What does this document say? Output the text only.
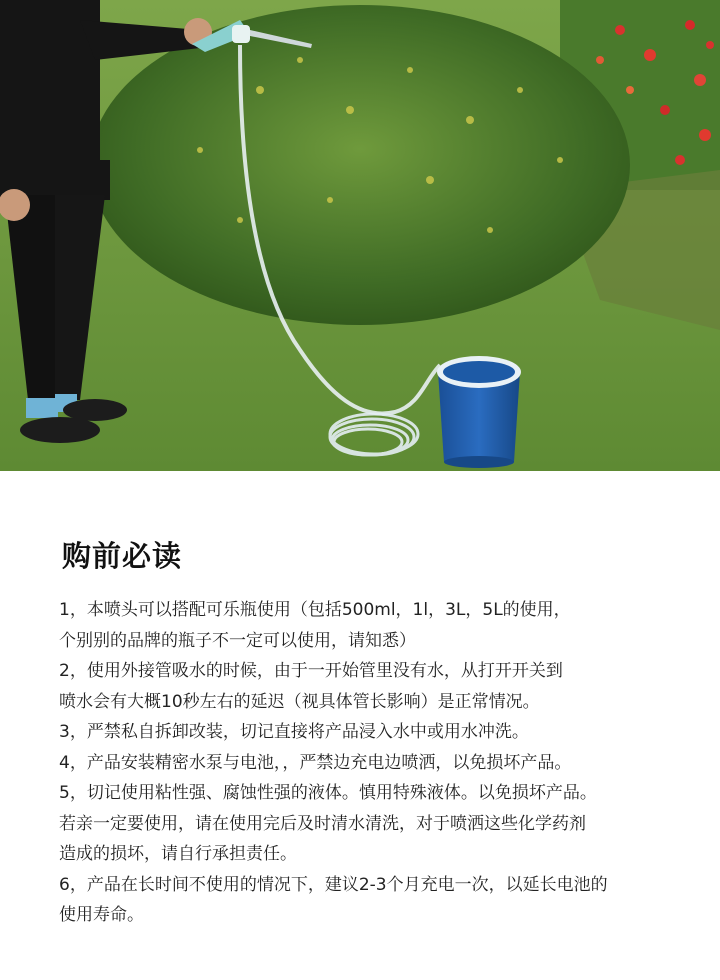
购前必读
1，本喷头可以搭配可乐瓶使用（包括500ml，1l，3L，5L的使用，
个别别的品牌的瓶子不一定可以使用，请知悉）
2，使用外接管吸水的时候，由于一开始管里没有水，从打开开关到
喷水会有大概10秒左右的延迟（视具体管长影响）是正常情况。
3，严禁私自拆卸改装，切记直接将产品浸入水中或用水冲洗。
4，产品安装精密水泵与电池，，严禁边充电边喷洒，以免损坏产品。
5，切记使用粘性强、腐蚀性强的液体。慎用特殊液体。以免损坏产品。
若亲一定要使用，请在使用完后及时清水清洗，对于喷洒这些化学药剂
造成的损坏，请自行承担责任。
6，产品在长时间不使用的情况下，建议2-3个月充电一次，以延长电池的
使用寿命。
